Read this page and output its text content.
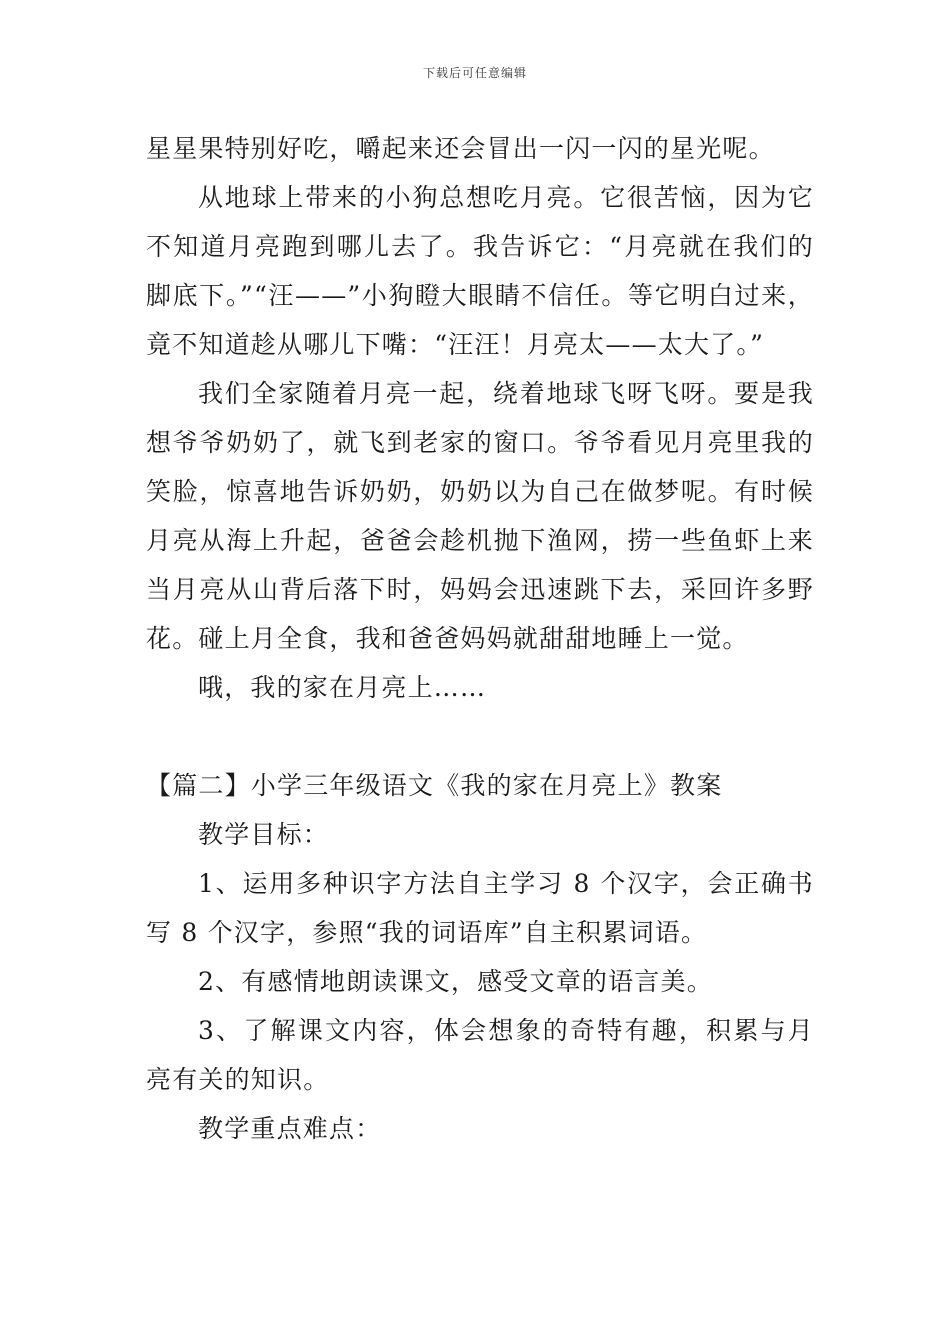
下载后可任意编辑

星星果特别好吃，嚼起来还会冒出一闪一闪的星光呢。

从地球上带来的小狗总想吃月亮。它很苦恼，因为它不知道月亮跑到哪儿去了。我告诉它：“月亮就在我们的脚底下。”“汪——”小狗瞪大眼睛不信任。等它明白过来，竟不知道趁从哪儿下嘴：“汪汪！月亮太——太大了。”

我们全家随着月亮一起，绕着地球飞呀飞呀。要是我想爷爷奶奶了，就飞到老家的窗口。爷爷看见月亮里我的笑脸，惊喜地告诉奶奶，奶奶以为自己在做梦呢。有时候月亮从海上升起，爸爸会趁机抛下渔网，捞一些鱼虾上来当月亮从山背后落下时，妈妈会迅速跳下去，采回许多野花。碰上月全食，我和爸爸妈妈就甜甜地睡上一觉。

哦，我的家在月亮上……

【篇二】小学三年级语文《我的家在月亮上》教案

教学目标：

1、运用多种识字方法自主学习 8 个汉字，会正确书写 8 个汉字，参照“我的词语库”自主积累词语。

2、有感情地朗读课文，感受文章的语言美。

3、了解课文内容，体会想象的奇特有趣，积累与月亮有关的知识。

教学重点难点：
